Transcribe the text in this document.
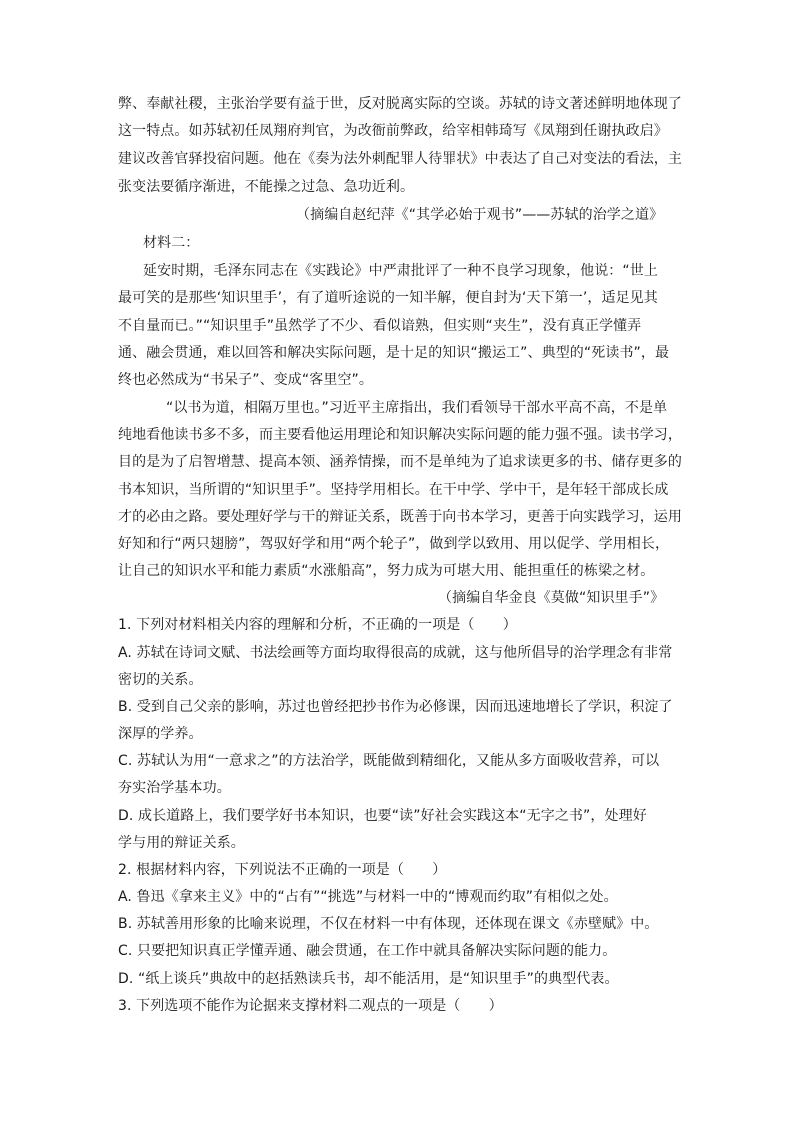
弊、奉献社稷，主张治学要有益于世，反对脱离实际的空谈。苏轼的诗文著述鲜明地体现了
这一特点。如苏轼初任凤翔府判官，为改衙前弊政，给宰相韩琦写《凤翔到任谢执政启》
建议改善官驿投宿问题。他在《奏为法外刺配罪人待罪状》中表达了自己对变法的看法，主
张变法要循序渐进，不能操之过急、急功近利。
（摘编自赵纪萍《“其学必始于观书”——苏轼的治学之道》
材料二：
延安时期，毛泽东同志在《实践论》中严肃批评了一种不良学习现象，他说：“世上
最可笑的是那些‘知识里手’，有了道听途说的一知半解，便自封为‘天下第一’，适足见其
不自量而已。”“知识里手”虽然学了不少、看似谙熟，但实则“夹生”，没有真正学懂弄
通、融会贯通，难以回答和解决实际问题，是十足的知识“搬运工”、典型的“死读书”，最
终也必然成为“书呆子”、变成“客里空”。
“以书为道，相隔万里也。”习近平主席指出，我们看领导干部水平高不高，不是单
纯地看他读书多不多，而主要看他运用理论和知识解决实际问题的能力强不强。读书学习，
目的是为了启智增慧、提高本领、涵养情操，而不是单纯为了追求读更多的书、储存更多的
书本知识，当所谓的“知识里手”。坚持学用相长。在干中学、学中干，是年轻干部成长成
才的必由之路。要处理好学与干的辩证关系，既善于向书本学习，更善于向实践学习，运用
好知和行“两只翅膀”，驾驭好学和用“两个轮子”，做到学以致用、用以促学、学用相长，
让自己的知识水平和能力素质“水涨船高”，努力成为可堪大用、能担重任的栋梁之材。
（摘编自华金良《莫做“知识里手”》
1. 下列对材料相关内容的理解和分析，不正确的一项是（　　）
A. 苏轼在诗词文赋、书法绘画等方面均取得很高的成就，这与他所倡导的治学理念有非常
密切的关系。
B. 受到自己父亲的影响，苏过也曾经把抄书作为必修课，因而迅速地增长了学识，积淀了
深厚的学养。
C. 苏轼认为用“一意求之”的方法治学，既能做到精细化，又能从多方面吸收营养，可以
夯实治学基本功。
D. 成长道路上，我们要学好书本知识，也要“读”好社会实践这本“无字之书”，处理好
学与用的辩证关系。
2. 根据材料内容，下列说法不正确的一项是（　　）
A. 鲁迅《拿来主义》中的“占有”“挑选”与材料一中的“博观而约取”有相似之处。
B. 苏轼善用形象的比喻来说理，不仅在材料一中有体现，还体现在课文《赤壁赋》中。
C. 只要把知识真正学懂弄通、融会贯通，在工作中就具备解决实际问题的能力。
D. “纸上谈兵”典故中的赵括熟读兵书，却不能活用，是“知识里手”的典型代表。
3. 下列选项不能作为论据来支撑材料二观点的一项是（　　）
